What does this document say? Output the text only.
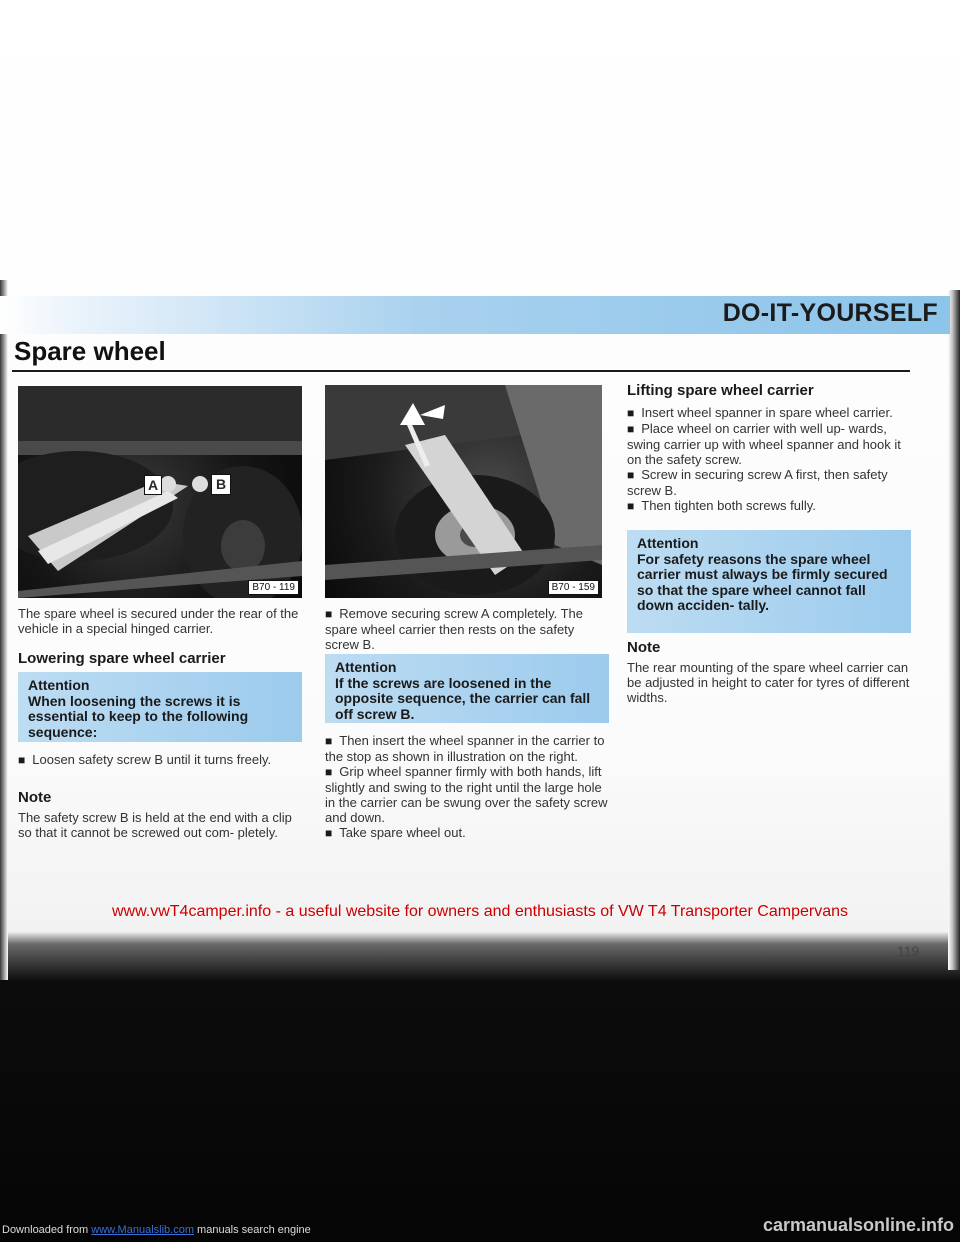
DO-IT-YOURSELF
Spare wheel
A	B
B70 - 119	B70 - 159
The spare wheel is secured under the rear of the vehicle in a special hinged carrier.
Lowering spare wheel carrier
Attention
When loosening the screws it is essential to keep to the following sequence:

■ Loosen safety screw B until it turns freely.

Note
The safety screw B is held at the end with a clip so that it cannot be screwed out com- pletely.

■ Remove securing screw A completely. The spare wheel carrier then rests on the safety screw B.

Attention
If the screws are loosened in the opposite sequence, the carrier can fall off screw B.

■ Then insert the wheel spanner in the carrier to the stop as shown in illustration on the right.

■ Grip wheel spanner firmly with both hands, lift slightly and swing to the right until the large hole in the carrier can be swung over the safety screw and down.

■ Take spare wheel out.

Lifting spare wheel carrier

■ Insert wheel spanner in spare wheel carrier.

■ Place wheel on carrier with well up- wards, swing carrier up with wheel spanner and hook it on the safety screw.

■ Screw in securing screw A first, then safety screw B.

■ Then tighten both screws fully.

Attention
For safety reasons the spare wheel carrier must always be firmly secured so that the spare wheel cannot fall down acciden- tally.
Note
The rear mounting of the spare wheel carrier can be adjusted in height to cater for tyres of different widths.
www.vwT4camper.info - a useful website for owners and enthusiasts of VW T4 Transporter Campervans
119
Downloaded from www.Manualslib.com manuals search engine	carmanualsonline.info
